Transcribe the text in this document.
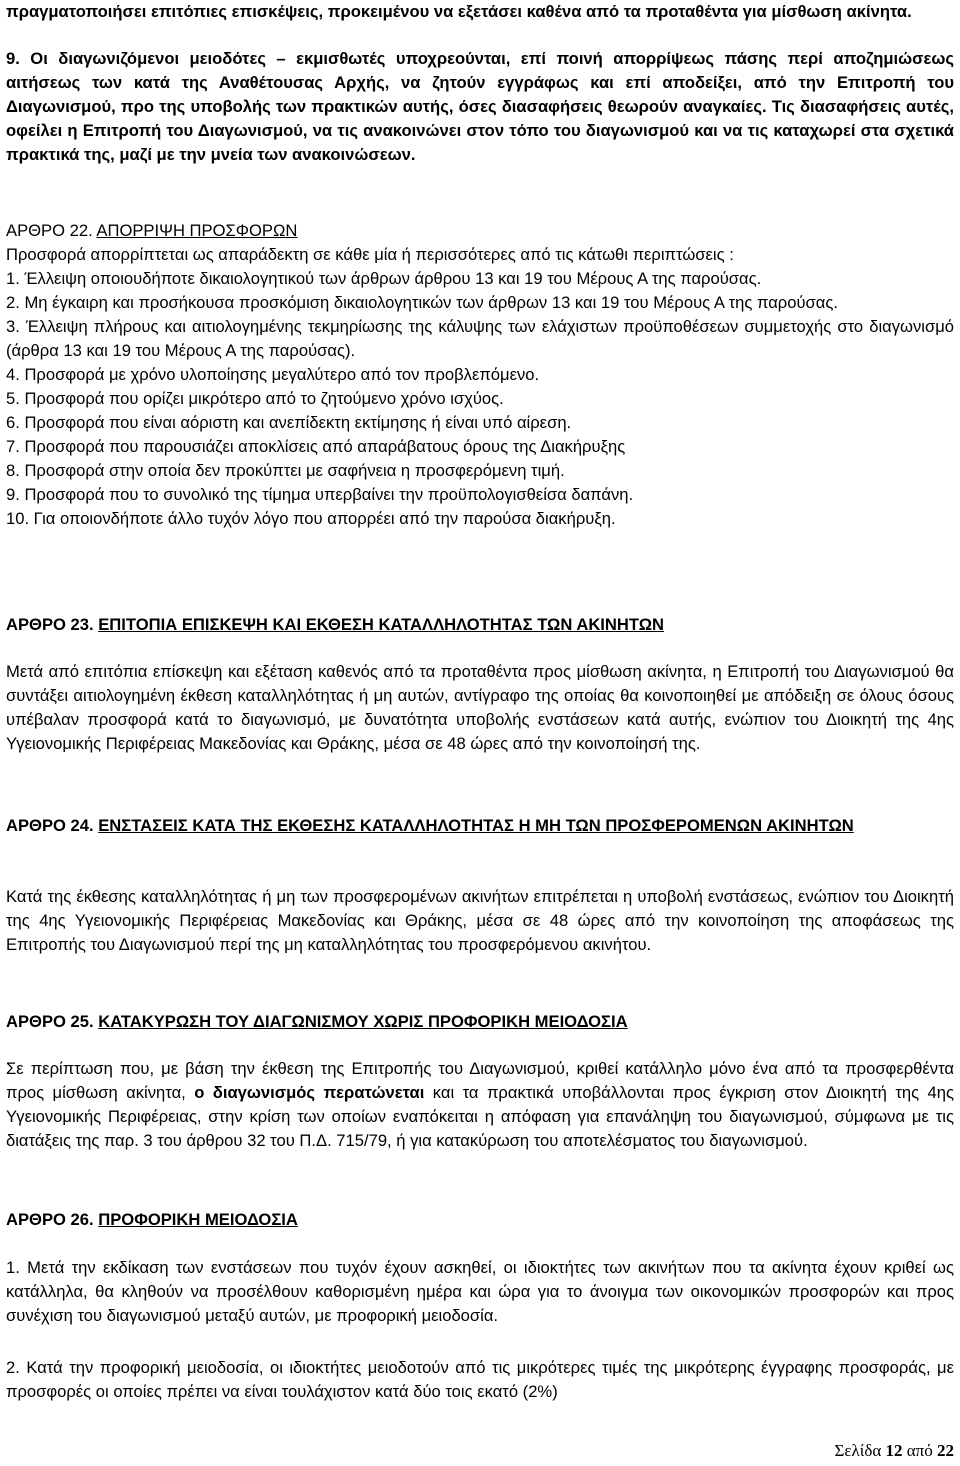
πραγματοποιήσει επιτόπιες επισκέψεις, προκειμένου να εξετάσει καθένα από τα προταθέντα για μίσθωση ακίνητα.

9. Οι διαγωνιζόμενοι μειοδότες – εκμισθωτές υποχρεούνται, επί ποινή απορρίψεως πάσης περί αποζημιώσεως αιτήσεως των κατά της Αναθέτουσας Αρχής, να ζητούν εγγράφως και επί αποδείξει, από την Επιτροπή του Διαγωνισμού, προ της υποβολής των πρακτικών αυτής, όσες διασαφήσεις θεωρούν αναγκαίες. Τις διασαφήσεις αυτές, οφείλει η Επιτροπή του Διαγωνισμού, να τις ανακοινώνει στον τόπο του διαγωνισμού και να τις καταχωρεί στα σχετικά πρακτικά της, μαζί με την μνεία των ανακοινώσεων.

ΑΡΘΡΟ 22. ΑΠΟΡΡΙΨΗ ΠΡΟΣΦΟΡΩΝ

Προσφορά απορρίπτεται ως απαράδεκτη σε κάθε μία ή περισσότερες από τις κάτωθι περιπτώσεις :

1. Έλλειψη οποιουδήποτε δικαιολογητικού των άρθρων άρθρου 13 και 19 του Μέρους Α της παρούσας.
2. Μη έγκαιρη και προσήκουσα προσκόμιση δικαιολογητικών των άρθρων 13 και 19 του Μέρους Α της παρούσας.
3. Έλλειψη πλήρους και αιτιολογημένης τεκμηρίωσης της κάλυψης των ελάχιστων προϋποθέσεων συμμετοχής στο διαγωνισμό (άρθρα 13 και 19 του Μέρους Α της παρούσας).
4. Προσφορά με χρόνο υλοποίησης μεγαλύτερο από τον προβλεπόμενο.
5. Προσφορά που ορίζει μικρότερο από το ζητούμενο χρόνο ισχύος.
6. Προσφορά που είναι αόριστη και ανεπίδεκτη εκτίμησης ή είναι υπό αίρεση.
7. Προσφορά που παρουσιάζει αποκλίσεις από απαράβατους όρους της Διακήρυξης
8. Προσφορά στην οποία δεν προκύπτει με σαφήνεια η προσφερόμενη τιμή.
9. Προσφορά που το συνολικό της τίμημα υπερβαίνει την προϋπολογισθείσα δαπάνη.
10. Για οποιονδήποτε άλλο τυχόν λόγο που απορρέει από την παρούσα διακήρυξη.

ΑΡΘΡΟ 23. ΕΠΙΤΟΠΙΑ ΕΠΙΣΚΕΨΗ ΚΑΙ ΕΚΘΕΣΗ ΚΑΤΑΛΛΗΛΟΤΗΤΑΣ ΤΩΝ ΑΚΙΝΗΤΩΝ

Μετά από επιτόπια επίσκεψη και εξέταση καθενός από τα προταθέντα προς μίσθωση ακίνητα, η Επιτροπή του Διαγωνισμού θα συντάξει αιτιολογημένη έκθεση καταλληλότητας ή μη αυτών, αντίγραφο της οποίας θα κοινοποιηθεί με απόδειξη σε όλους όσους υπέβαλαν προσφορά κατά το διαγωνισμό, με δυνατότητα υποβολής ενστάσεων κατά αυτής, ενώπιον του Διοικητή της 4ης Υγειονομικής Περιφέρειας Μακεδονίας και Θράκης, μέσα σε 48 ώρες από την κοινοποίησή της.

ΑΡΘΡΟ 24. ΕΝΣΤΑΣΕΙΣ ΚΑΤΑ ΤΗΣ ΕΚΘΕΣΗΣ ΚΑΤΑΛΛΗΛΟΤΗΤΑΣ Η ΜΗ ΤΩΝ ΠΡΟΣΦΕΡΟΜΕΝΩΝ ΑΚΙΝΗΤΩΝ

Κατά της έκθεσης καταλληλότητας ή μη των προσφερομένων ακινήτων επιτρέπεται η υποβολή ενστάσεως, ενώπιον του Διοικητή της 4ης Υγειονομικής Περιφέρειας Μακεδονίας και Θράκης, μέσα σε 48 ώρες από την κοινοποίηση της αποφάσεως της Επιτροπής του Διαγωνισμού περί της μη καταλληλότητας του προσφερόμενου ακινήτου.

ΑΡΘΡΟ 25. ΚΑΤΑΚΥΡΩΣΗ ΤΟΥ ΔΙΑΓΩΝΙΣΜΟΥ ΧΩΡΙΣ ΠΡΟΦΟΡΙΚΗ ΜΕΙΟΔΟΣΙΑ

Σε περίπτωση που, με βάση την έκθεση της Επιτροπής του Διαγωνισμού, κριθεί κατάλληλο μόνο ένα από τα προσφερθέντα προς μίσθωση ακίνητα, ο διαγωνισμός περατώνεται και τα πρακτικά υποβάλλονται προς έγκριση στον Διοικητή της 4ης Υγειονομικής Περιφέρειας, στην κρίση των οποίων εναπόκειται η απόφαση για επανάληψη του διαγωνισμού, σύμφωνα με τις διατάξεις της παρ. 3 του άρθρου 32 του Π.Δ. 715/79, ή για κατακύρωση του αποτελέσματος του διαγωνισμού.

ΑΡΘΡΟ 26. ΠΡΟΦΟΡΙΚΗ ΜΕΙΟΔΟΣΙΑ

1. Μετά την εκδίκαση των ενστάσεων που τυχόν έχουν ασκηθεί, οι ιδιοκτήτες των ακινήτων που τα ακίνητα έχουν κριθεί ως κατάλληλα, θα κληθούν να προσέλθουν καθορισμένη ημέρα και ώρα για το άνοιγμα των οικονομικών προσφορών και προς συνέχιση του διαγωνισμού μεταξύ αυτών, με προφορική μειοδοσία.

2. Κατά την προφορική μειοδοσία, οι ιδιοκτήτες μειοδοτούν από τις μικρότερες τιμές της μικρότερης έγγραφης προσφοράς, με προσφορές οι οποίες πρέπει να είναι τουλάχιστον κατά δύο τοις εκατό (2%)

Σελίδα 12 από 22
